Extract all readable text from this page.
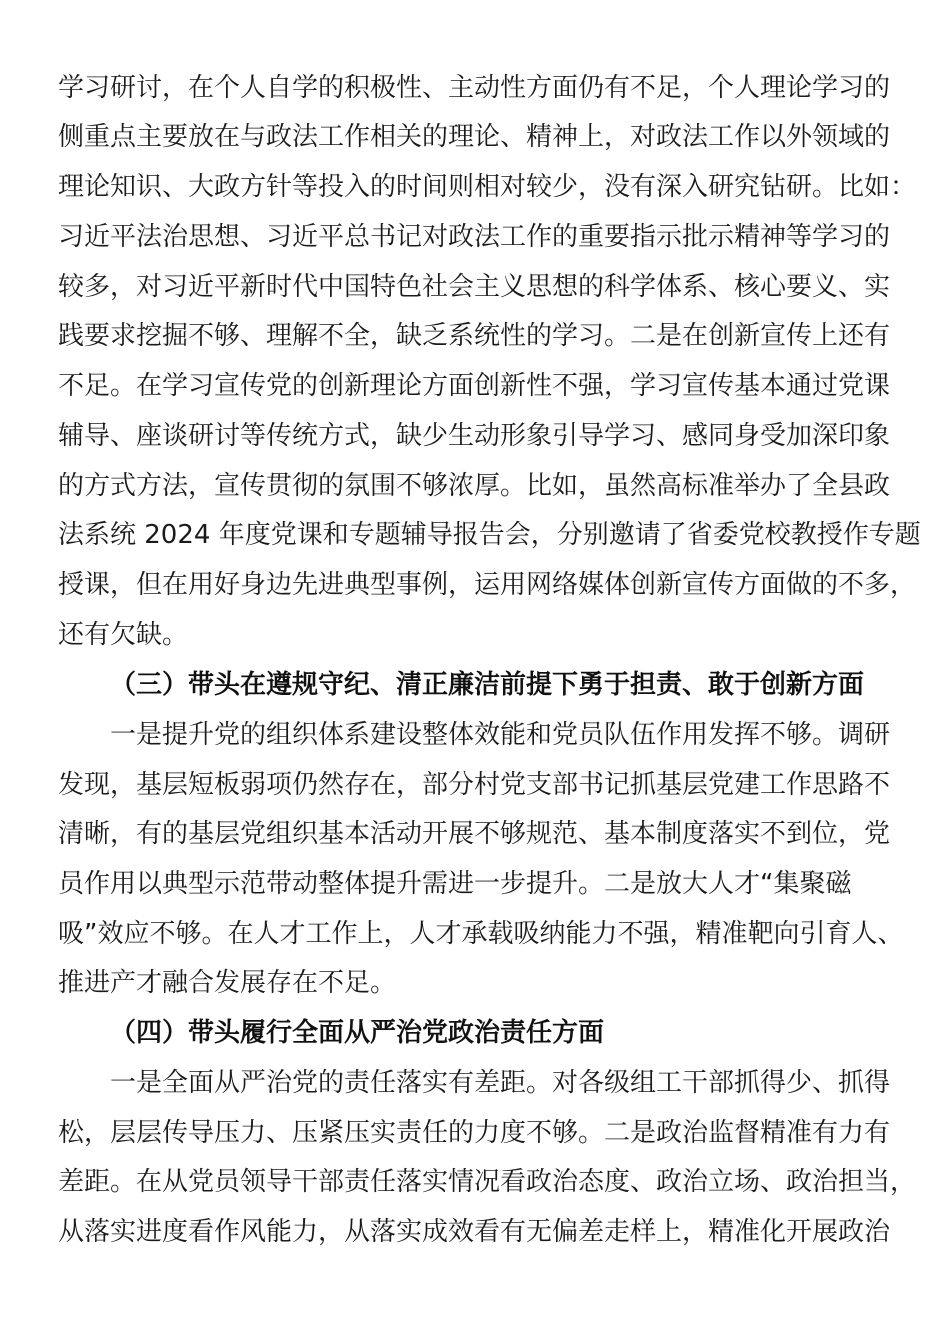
学习研讨，在个人自学的积极性、主动性方面仍有不足，个人理论学习的
侧重点主要放在与政法工作相关的理论、精神上，对政法工作以外领域的
理论知识、大政方针等投入的时间则相对较少，没有深入研究钻研。比如：
习近平法治思想、习近平总书记对政法工作的重要指示批示精神等学习的
较多，对习近平新时代中国特色社会主义思想的科学体系、核心要义、实
践要求挖掘不够、理解不全，缺乏系统性的学习。二是在创新宣传上还有
不足。在学习宣传党的创新理论方面创新性不强，学习宣传基本通过党课
辅导、座谈研讨等传统方式，缺少生动形象引导学习、感同身受加深印象
的方式方法，宣传贯彻的氛围不够浓厚。比如，虽然高标准举办了全县政
法系统 2024 年度党课和专题辅导报告会，分别邀请了省委党校教授作专题
授课，但在用好身边先进典型事例，运用网络媒体创新宣传方面做的不多，
还有欠缺。
（三）带头在遵规守纪、清正廉洁前提下勇于担责、敢于创新方面
一是提升党的组织体系建设整体效能和党员队伍作用发挥不够。调研
发现，基层短板弱项仍然存在，部分村党支部书记抓基层党建工作思路不
清晰，有的基层党组织基本活动开展不够规范、基本制度落实不到位，党
员作用以典型示范带动整体提升需进一步提升。二是放大人才“集聚磁
吸”效应不够。在人才工作上，人才承载吸纳能力不强，精准靶向引育人、
推进产才融合发展存在不足。
（四）带头履行全面从严治党政治责任方面
一是全面从严治党的责任落实有差距。对各级组工干部抓得少、抓得
松，层层传导压力、压紧压实责任的力度不够。二是政治监督精准有力有
差距。在从党员领导干部责任落实情况看政治态度、政治立场、政治担当，
从落实进度看作风能力，从落实成效看有无偏差走样上，精准化开展政治
